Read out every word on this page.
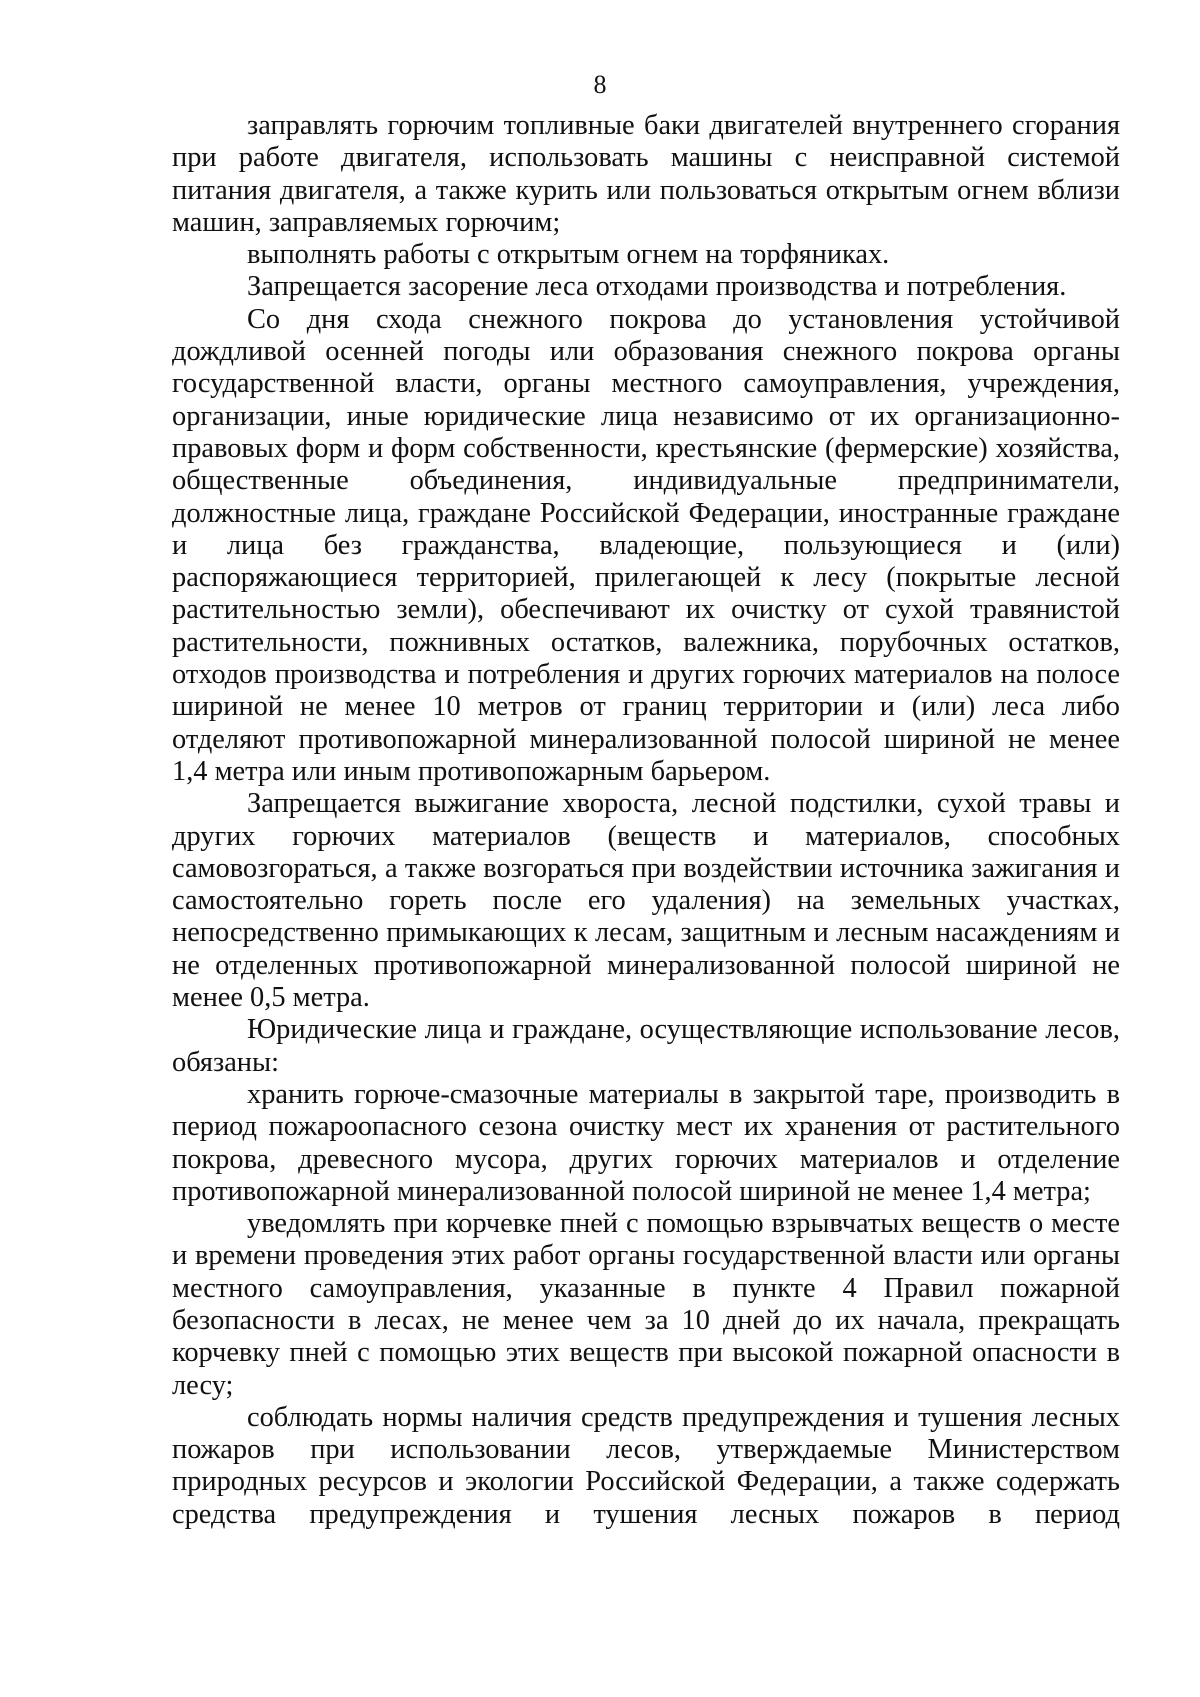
8

заправлять горючим топливные баки двигателей внутреннего сгорания при работе двигателя, использовать машины с неисправной системой питания двигателя, а также курить или пользоваться открытым огнем вблизи машин, заправляемых горючим;

выполнять работы с открытым огнем на торфяниках.

Запрещается засорение леса отходами производства и потребления.

Со дня схода снежного покрова до установления устойчивой дождливой осенней погоды или образования снежного покрова органы государственной власти, органы местного самоуправления, учреждения, организации, иные юридические лица независимо от их организационно-правовых форм и форм собственности, крестьянские (фермерские) хозяйства, общественные объединения, индивидуальные предприниматели, должностные лица, граждане Российской Федерации, иностранные граждане и лица без гражданства, владеющие, пользующиеся и (или) распоряжающиеся территорией, прилегающей к лесу (покрытые лесной растительностью земли), обеспечивают их очистку от сухой травянистой растительности, пожнивных остатков, валежника, порубочных остатков, отходов производства и потребления и других горючих материалов на полосе шириной не менее 10 метров от границ территории и (или) леса либо отделяют противопожарной минерализованной полосой шириной не менее 1,4 метра или иным противопожарным барьером.

Запрещается выжигание хвороста, лесной подстилки, сухой травы и других горючих материалов (веществ и материалов, способных самовозгораться, а также возгораться при воздействии источника зажигания и самостоятельно гореть после его удаления) на земельных участках, непосредственно примыкающих к лесам, защитным и лесным насаждениям и не отделенных противопожарной минерализованной полосой шириной не менее 0,5 метра.

Юридические лица и граждане, осуществляющие использование лесов, обязаны:

хранить горюче-смазочные материалы в закрытой таре, производить в период пожароопасного сезона очистку мест их хранения от растительного покрова, древесного мусора, других горючих материалов и отделение противопожарной минерализованной полосой шириной не менее 1,4 метра;

уведомлять при корчевке пней с помощью взрывчатых веществ о месте и времени проведения этих работ органы государственной власти или органы местного самоуправления, указанные в пункте 4 Правил пожарной безопасности в лесах, не менее чем за 10 дней до их начала, прекращать корчевку пней с помощью этих веществ при высокой пожарной опасности в лесу;

соблюдать нормы наличия средств предупреждения и тушения лесных пожаров при использовании лесов, утверждаемые Министерством природных ресурсов и экологии Российской Федерации, а также содержать средства предупреждения и тушения лесных пожаров в период
